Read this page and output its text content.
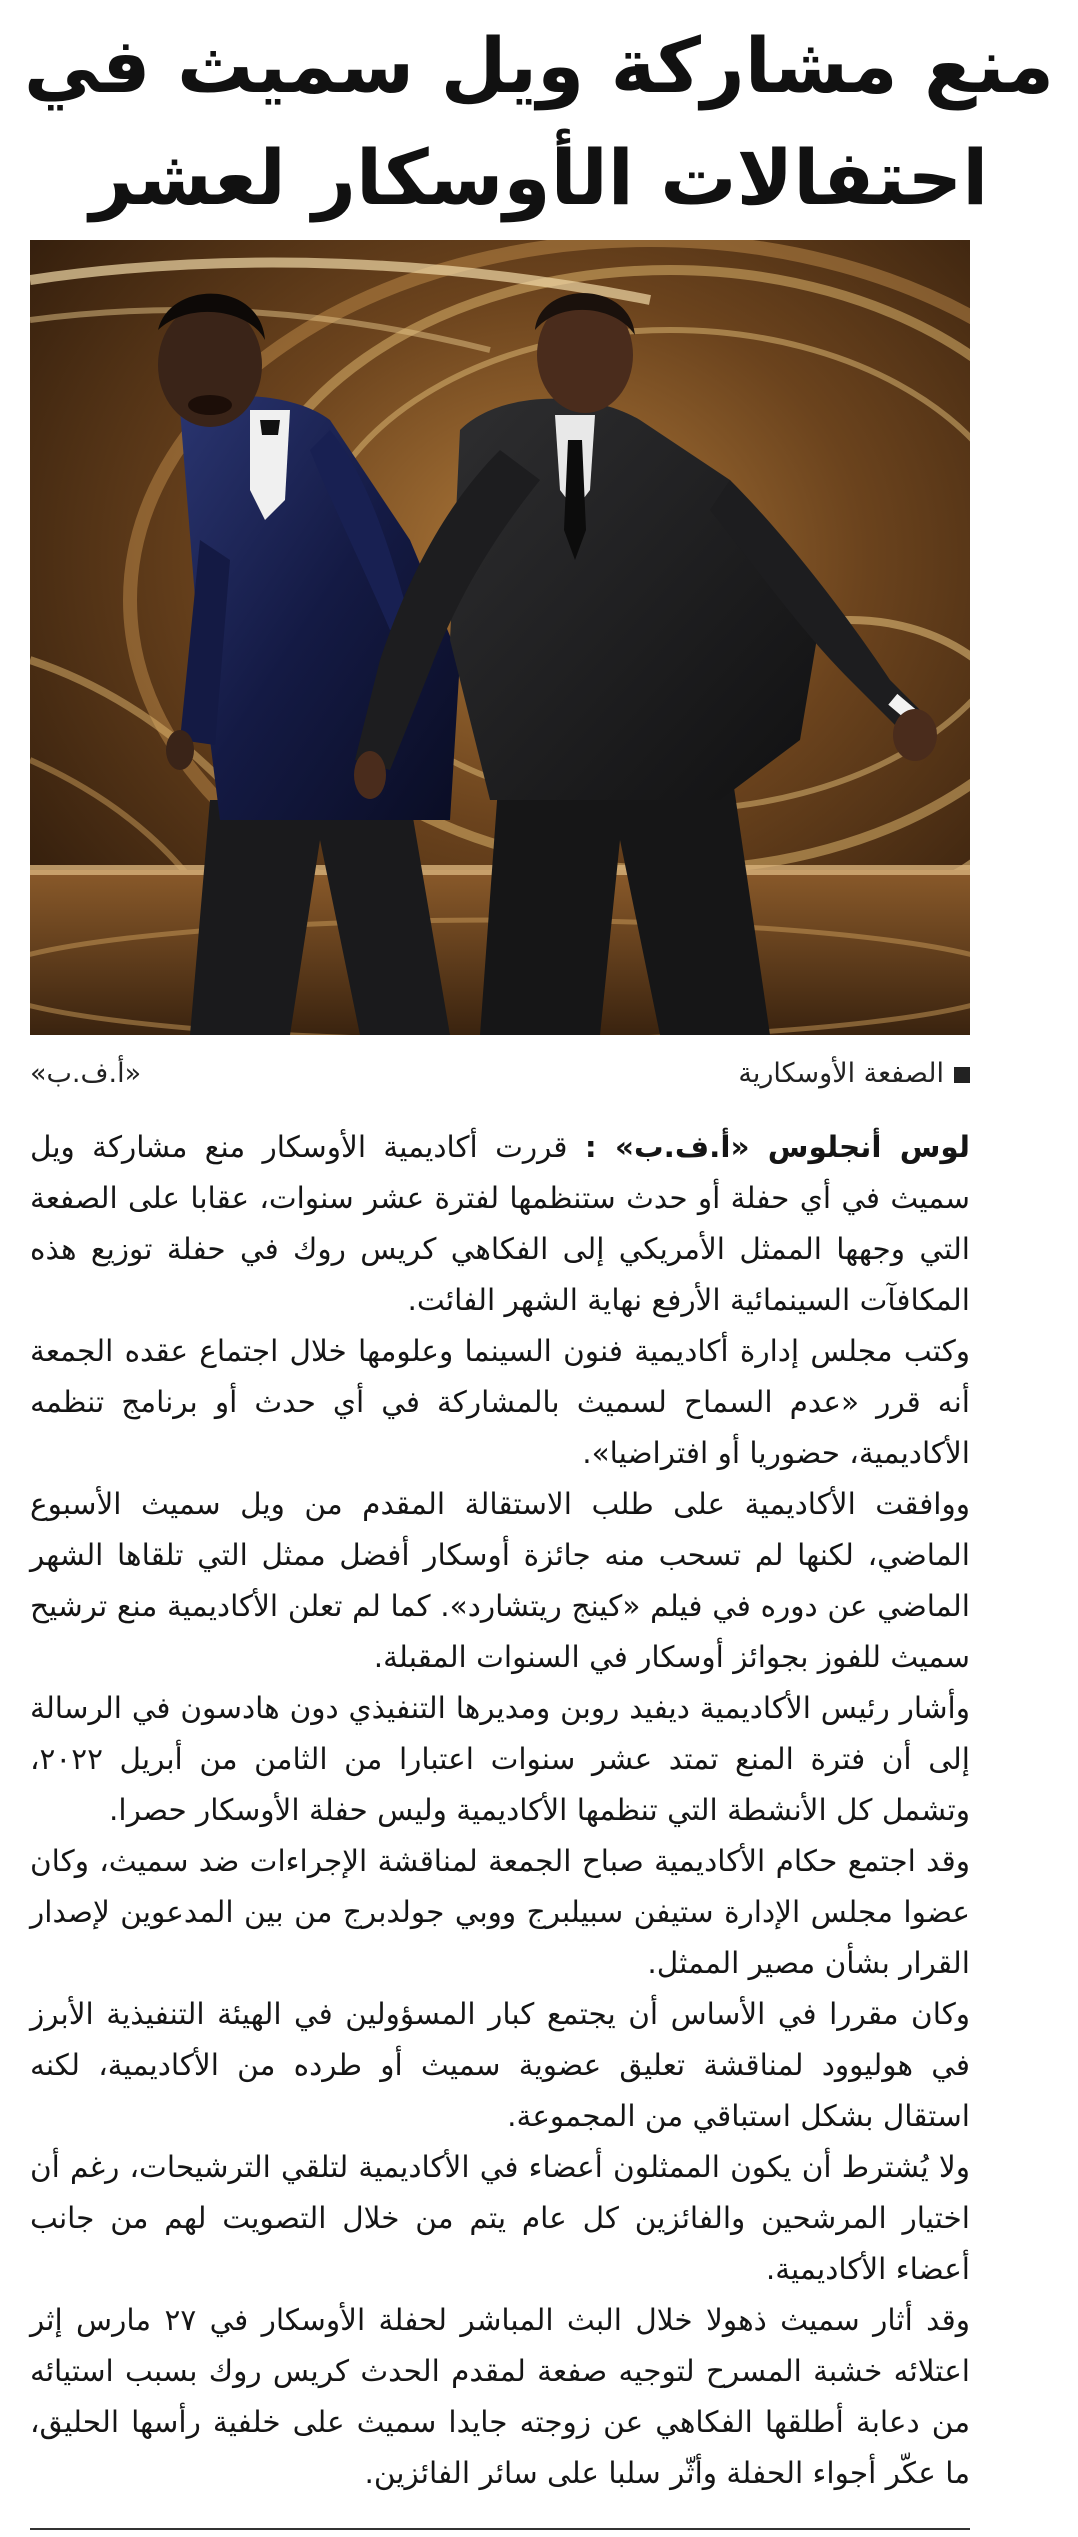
منع مشاركة ويل سميث في
احتفالات الأوسكار لعشر
الصفعة الأوسكارية
«أ.ف.ب»

لوس أنجلوس «أ.ف.ب» : قررت أكاديمية الأوسكار منع مشاركة ويل سميث في أي حفلة أو حدث ستنظمها لفترة عشر سنوات، عقابا على الصفعة التي وجهها الممثل الأمريكي إلى الفكاهي كريس روك في حفلة توزيع هذه المكافآت السينمائية الأرفع نهاية الشهر الفائت.

وكتب مجلس إدارة أكاديمية فنون السينما وعلومها خلال اجتماع عقده الجمعة أنه قرر «عدم السماح لسميث بالمشاركة في أي حدث أو برنامج تنظمه الأكاديمية، حضوريا أو افتراضيا».

ووافقت الأكاديمية على طلب الاستقالة المقدم من ويل سميث الأسبوع الماضي، لكنها لم تسحب منه جائزة أوسكار أفضل ممثل التي تلقاها الشهر الماضي عن دوره في فيلم «كينج ريتشارد». كما لم تعلن الأكاديمية منع ترشيح سميث للفوز بجوائز أوسكار في السنوات المقبلة.

وأشار رئيس الأكاديمية ديفيد روبن ومديرها التنفيذي دون هادسون في الرسالة إلى أن فترة المنع تمتد عشر سنوات اعتبارا من الثامن من أبريل ٢٠٢٢، وتشمل كل الأنشطة التي تنظمها الأكاديمية وليس حفلة الأوسكار حصرا.

وقد اجتمع حكام الأكاديمية صباح الجمعة لمناقشة الإجراءات ضد سميث، وكان عضوا مجلس الإدارة ستيفن سبيلبرج ووبي جولدبرج من بين المدعوين لإصدار القرار بشأن مصير الممثل.

وكان مقررا في الأساس أن يجتمع كبار المسؤولين في الهيئة التنفيذية الأبرز في هوليوود لمناقشة تعليق عضوية سميث أو طرده من الأكاديمية، لكنه استقال بشكل استباقي من المجموعة.

ولا يُشترط أن يكون الممثلون أعضاء في الأكاديمية لتلقي الترشيحات، رغم أن اختيار المرشحين والفائزين كل عام يتم من خلال التصويت لهم من جانب أعضاء الأكاديمية.

وقد أثار سميث ذهولا خلال البث المباشر لحفلة الأوسكار في ٢٧ مارس إثر اعتلائه خشبة المسرح لتوجيه صفعة لمقدم الحدث كريس روك بسبب استيائه من دعابة أطلقها الفكاهي عن زوجته جايدا سميث على خلفية رأسها الحليق، ما عكّر أجواء الحفلة وأثّر سلبا على سائر الفائزين.
